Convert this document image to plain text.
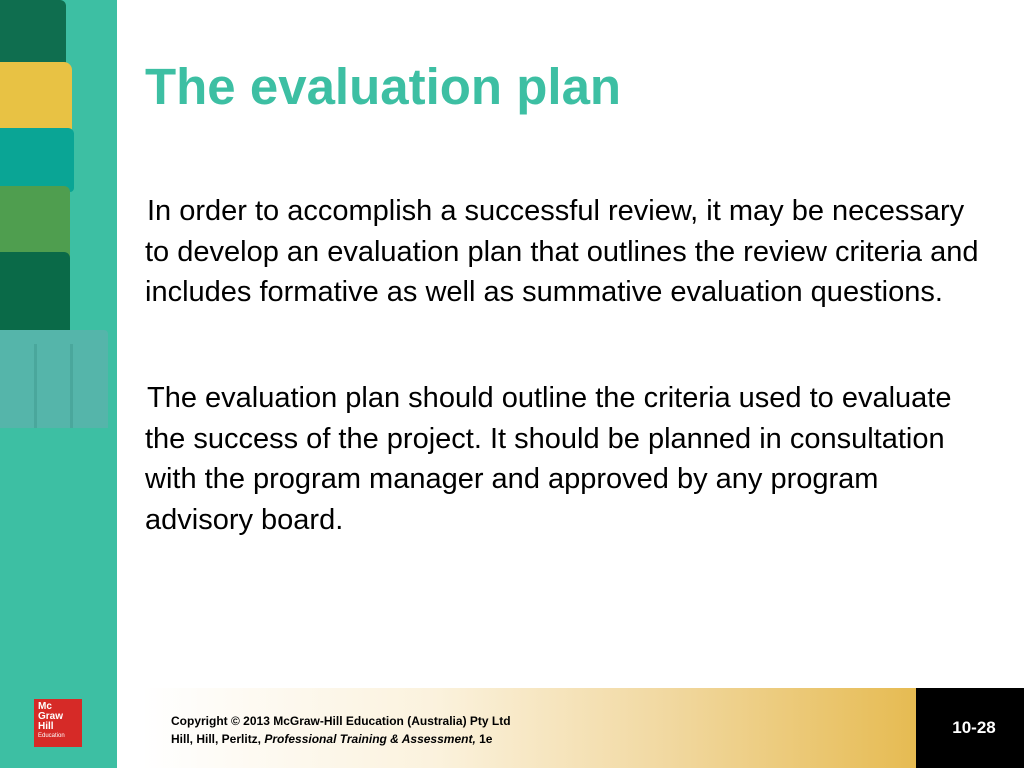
Mc
Graw
Hill
Education
The evaluation plan

In order to accomplish a successful review, it may be necessary to develop an evaluation plan that outlines the review criteria and includes formative as well as summative evaluation questions.

The evaluation plan should outline the criteria used to evaluate the success of the project. It should be planned in consultation with the program manager and approved by any program advisory board.

Copyright © 2013 McGraw-Hill Education (Australia) Pty Ltd
Hill, Hill, Perlitz, Professional Training & Assessment, 1e

10-28
